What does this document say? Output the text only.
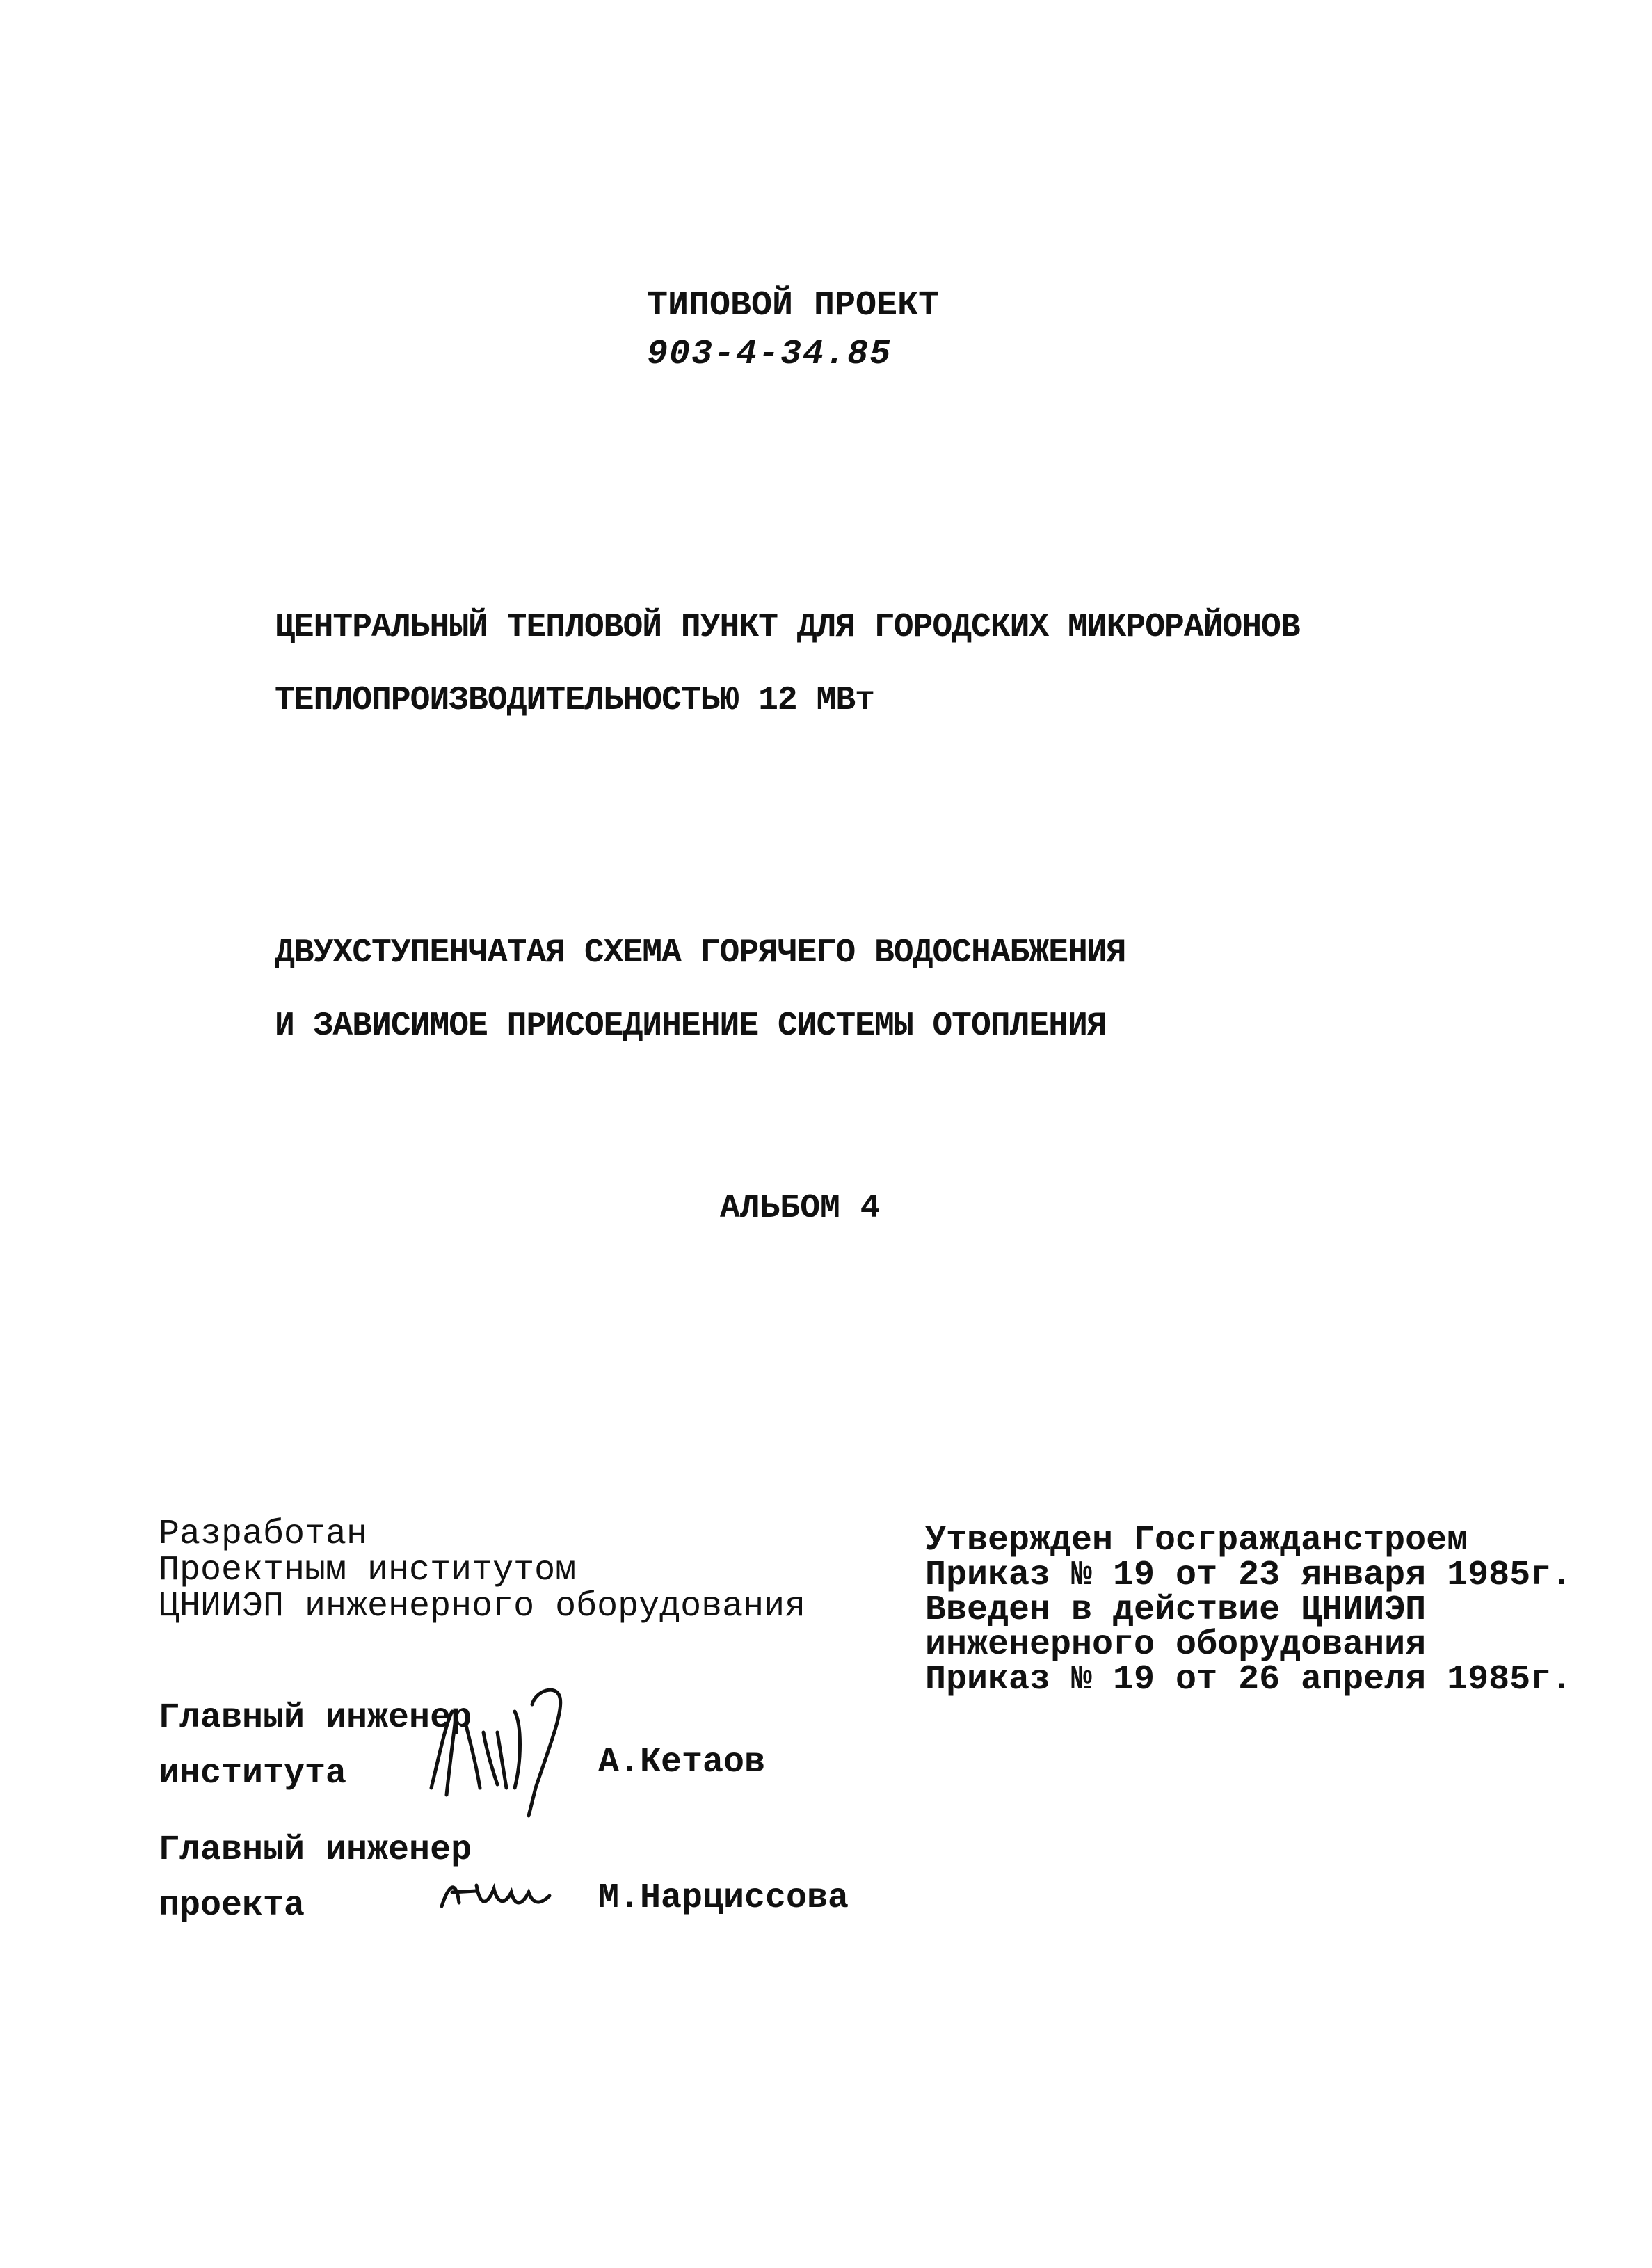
ТИПОВОЙ ПРОЕКТ
903-4-34.85
ЦЕНТРАЛЬНЫЙ ТЕПЛОВОЙ ПУНКТ ДЛЯ ГОРОДСКИХ МИКРОРАЙОНОВ
ТЕПЛОПРОИЗВОДИТЕЛЬНОСТЬЮ 12 МВт
ДВУХСТУПЕНЧАТАЯ СХЕМА ГОРЯЧЕГО ВОДОСНАБЖЕНИЯ
И ЗАВИСИМОЕ ПРИСОЕДИНЕНИЕ СИСТЕМЫ ОТОПЛЕНИЯ
АЛЬБОМ 4
Разработан
Проектным институтом
ЦНИИЭП инженерного оборудования
Утвержден Госгражданстроем
Приказ № 19 от 23 января 1985г.
Введен в действие ЦНИИЭП
инженерного оборудования
Приказ № 19 от 26 апреля 1985г.
Главный инженер
института	А.Кетаов
Главный инженер
проекта	М.Нарциссова
